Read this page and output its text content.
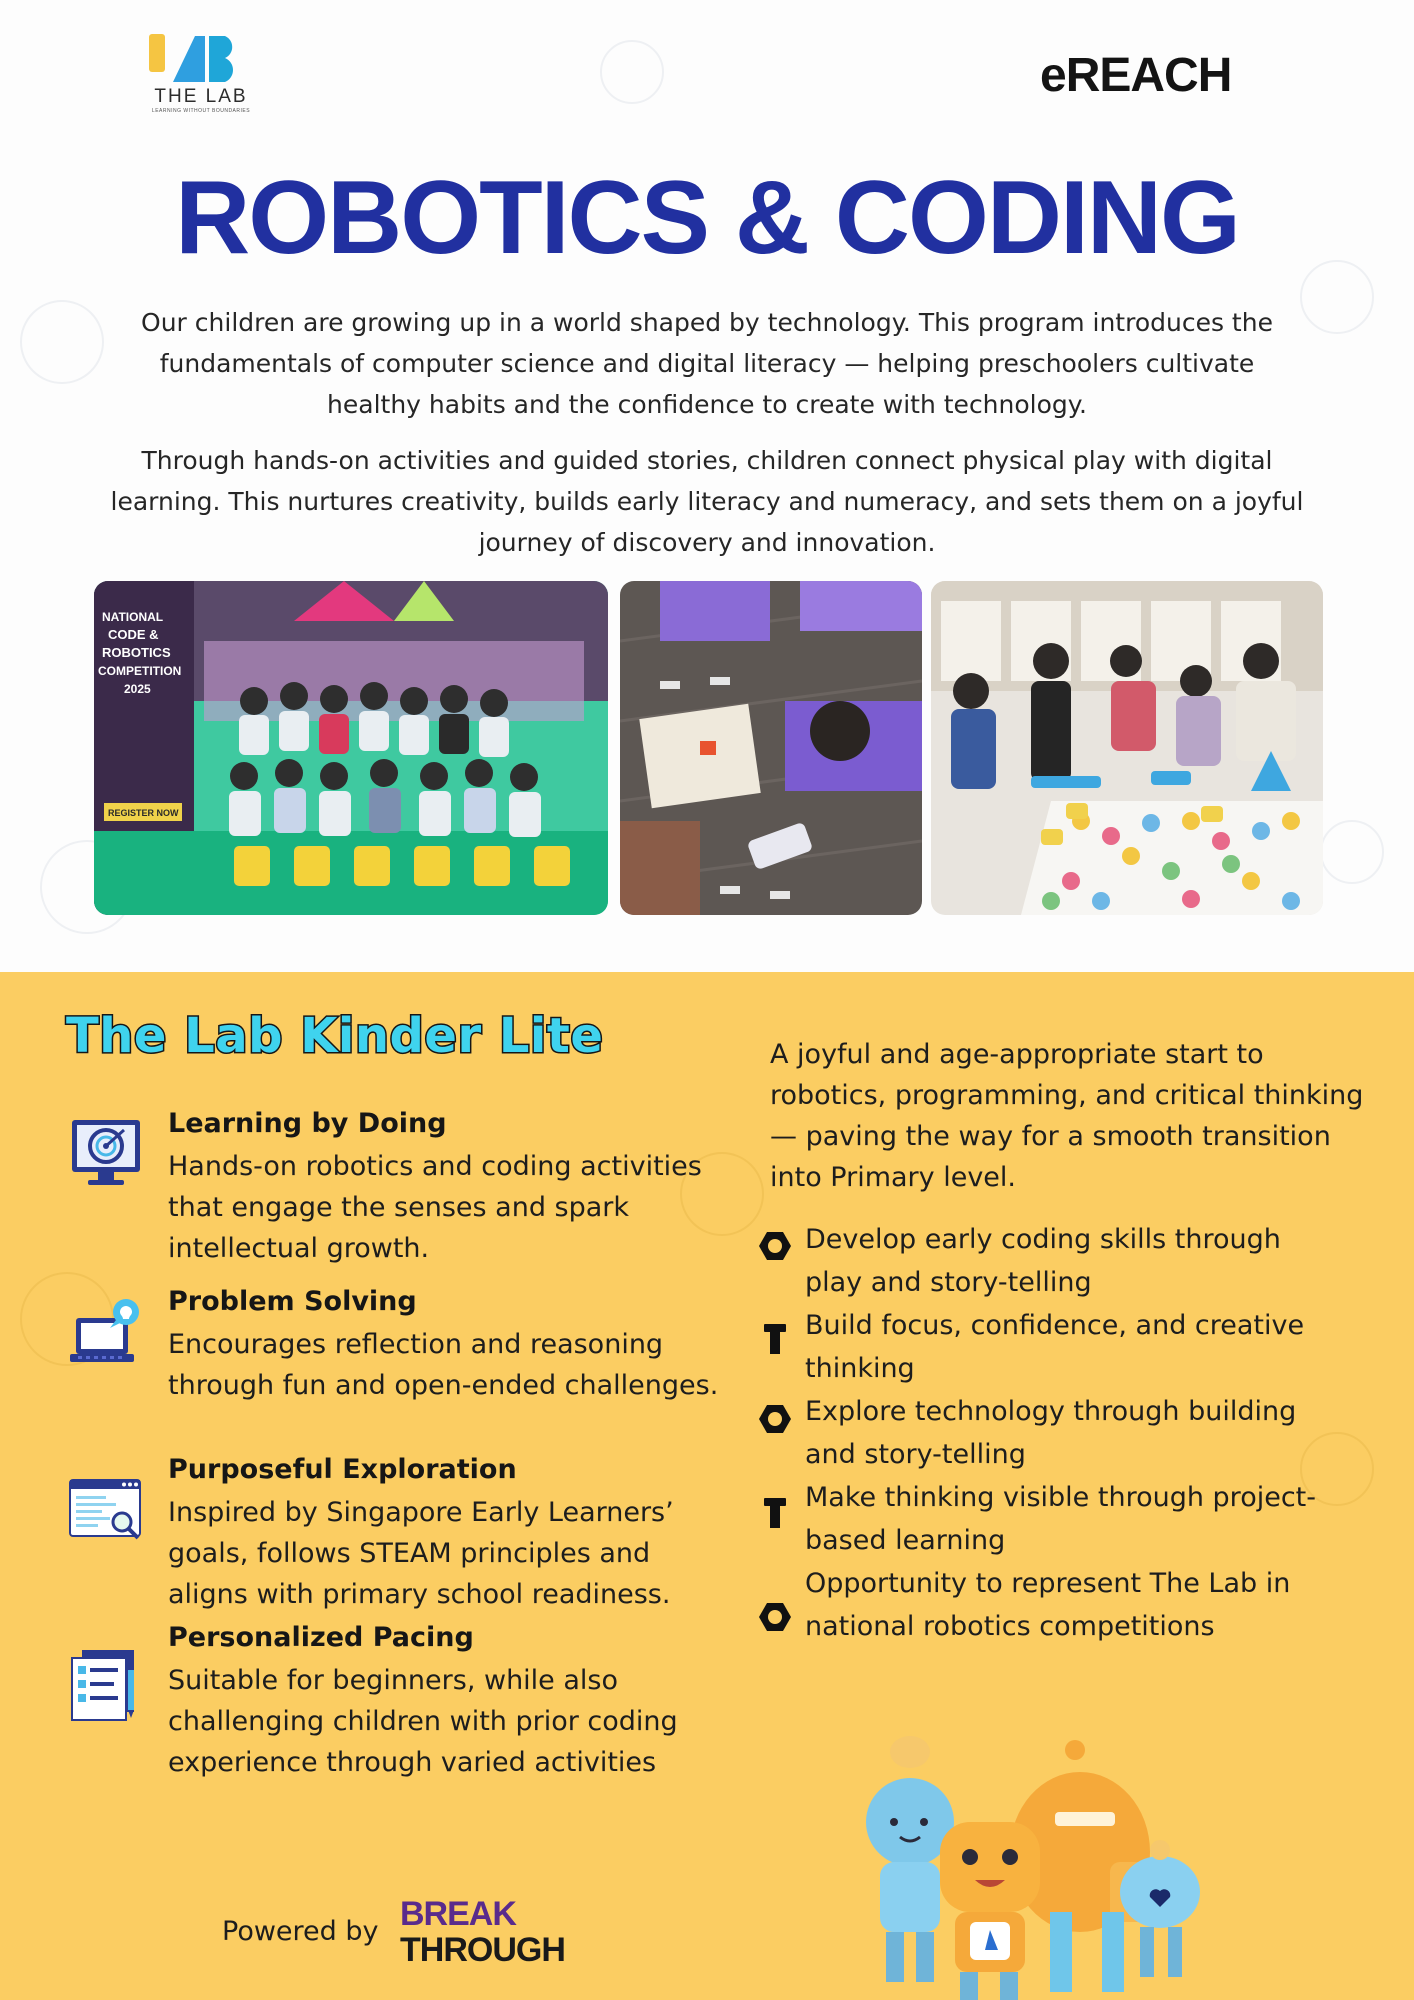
THE LAB
LEARNING WITHOUT BOUNDARIES
eREACH
ROBOTICS & CODING
Our children are growing up in a world shaped by technology. This program introduces the fundamentals of computer science and digital literacy — helping preschoolers cultivate healthy habits and the confidence to create with technology.
Through hands-on activities and guided stories, children connect physical play with digital learning. This nurtures creativity, builds early literacy and numeracy, and sets them on a joyful journey of discovery and innovation.
NATIONAL
CODE &
ROBOTICS
COMPETITION
2025
REGISTER NOW
The Lab Kinder Lite
Learning by Doing
Hands-on robotics and coding activities that engage the senses and spark intellectual growth.
Problem Solving
Encourages reflection and reasoning through fun and open-ended challenges.
Purposeful Exploration
Inspired by Singapore Early Learners’ goals, follows STEAM principles and aligns with primary school readiness.
Personalized Pacing
Suitable for beginners, while also challenging children with prior coding experience through varied activities
A joyful and age-appropriate start to robotics, programming, and critical thinking — paving the way for a smooth transition into Primary level.
Develop early coding skills through play and story-telling
Build focus, confidence, and creative thinking
Explore technology through building and story-telling
Make thinking visible through project-based learning
Opportunity to represent The Lab in national robotics competitions
Powered by BREAK
THROUGH
